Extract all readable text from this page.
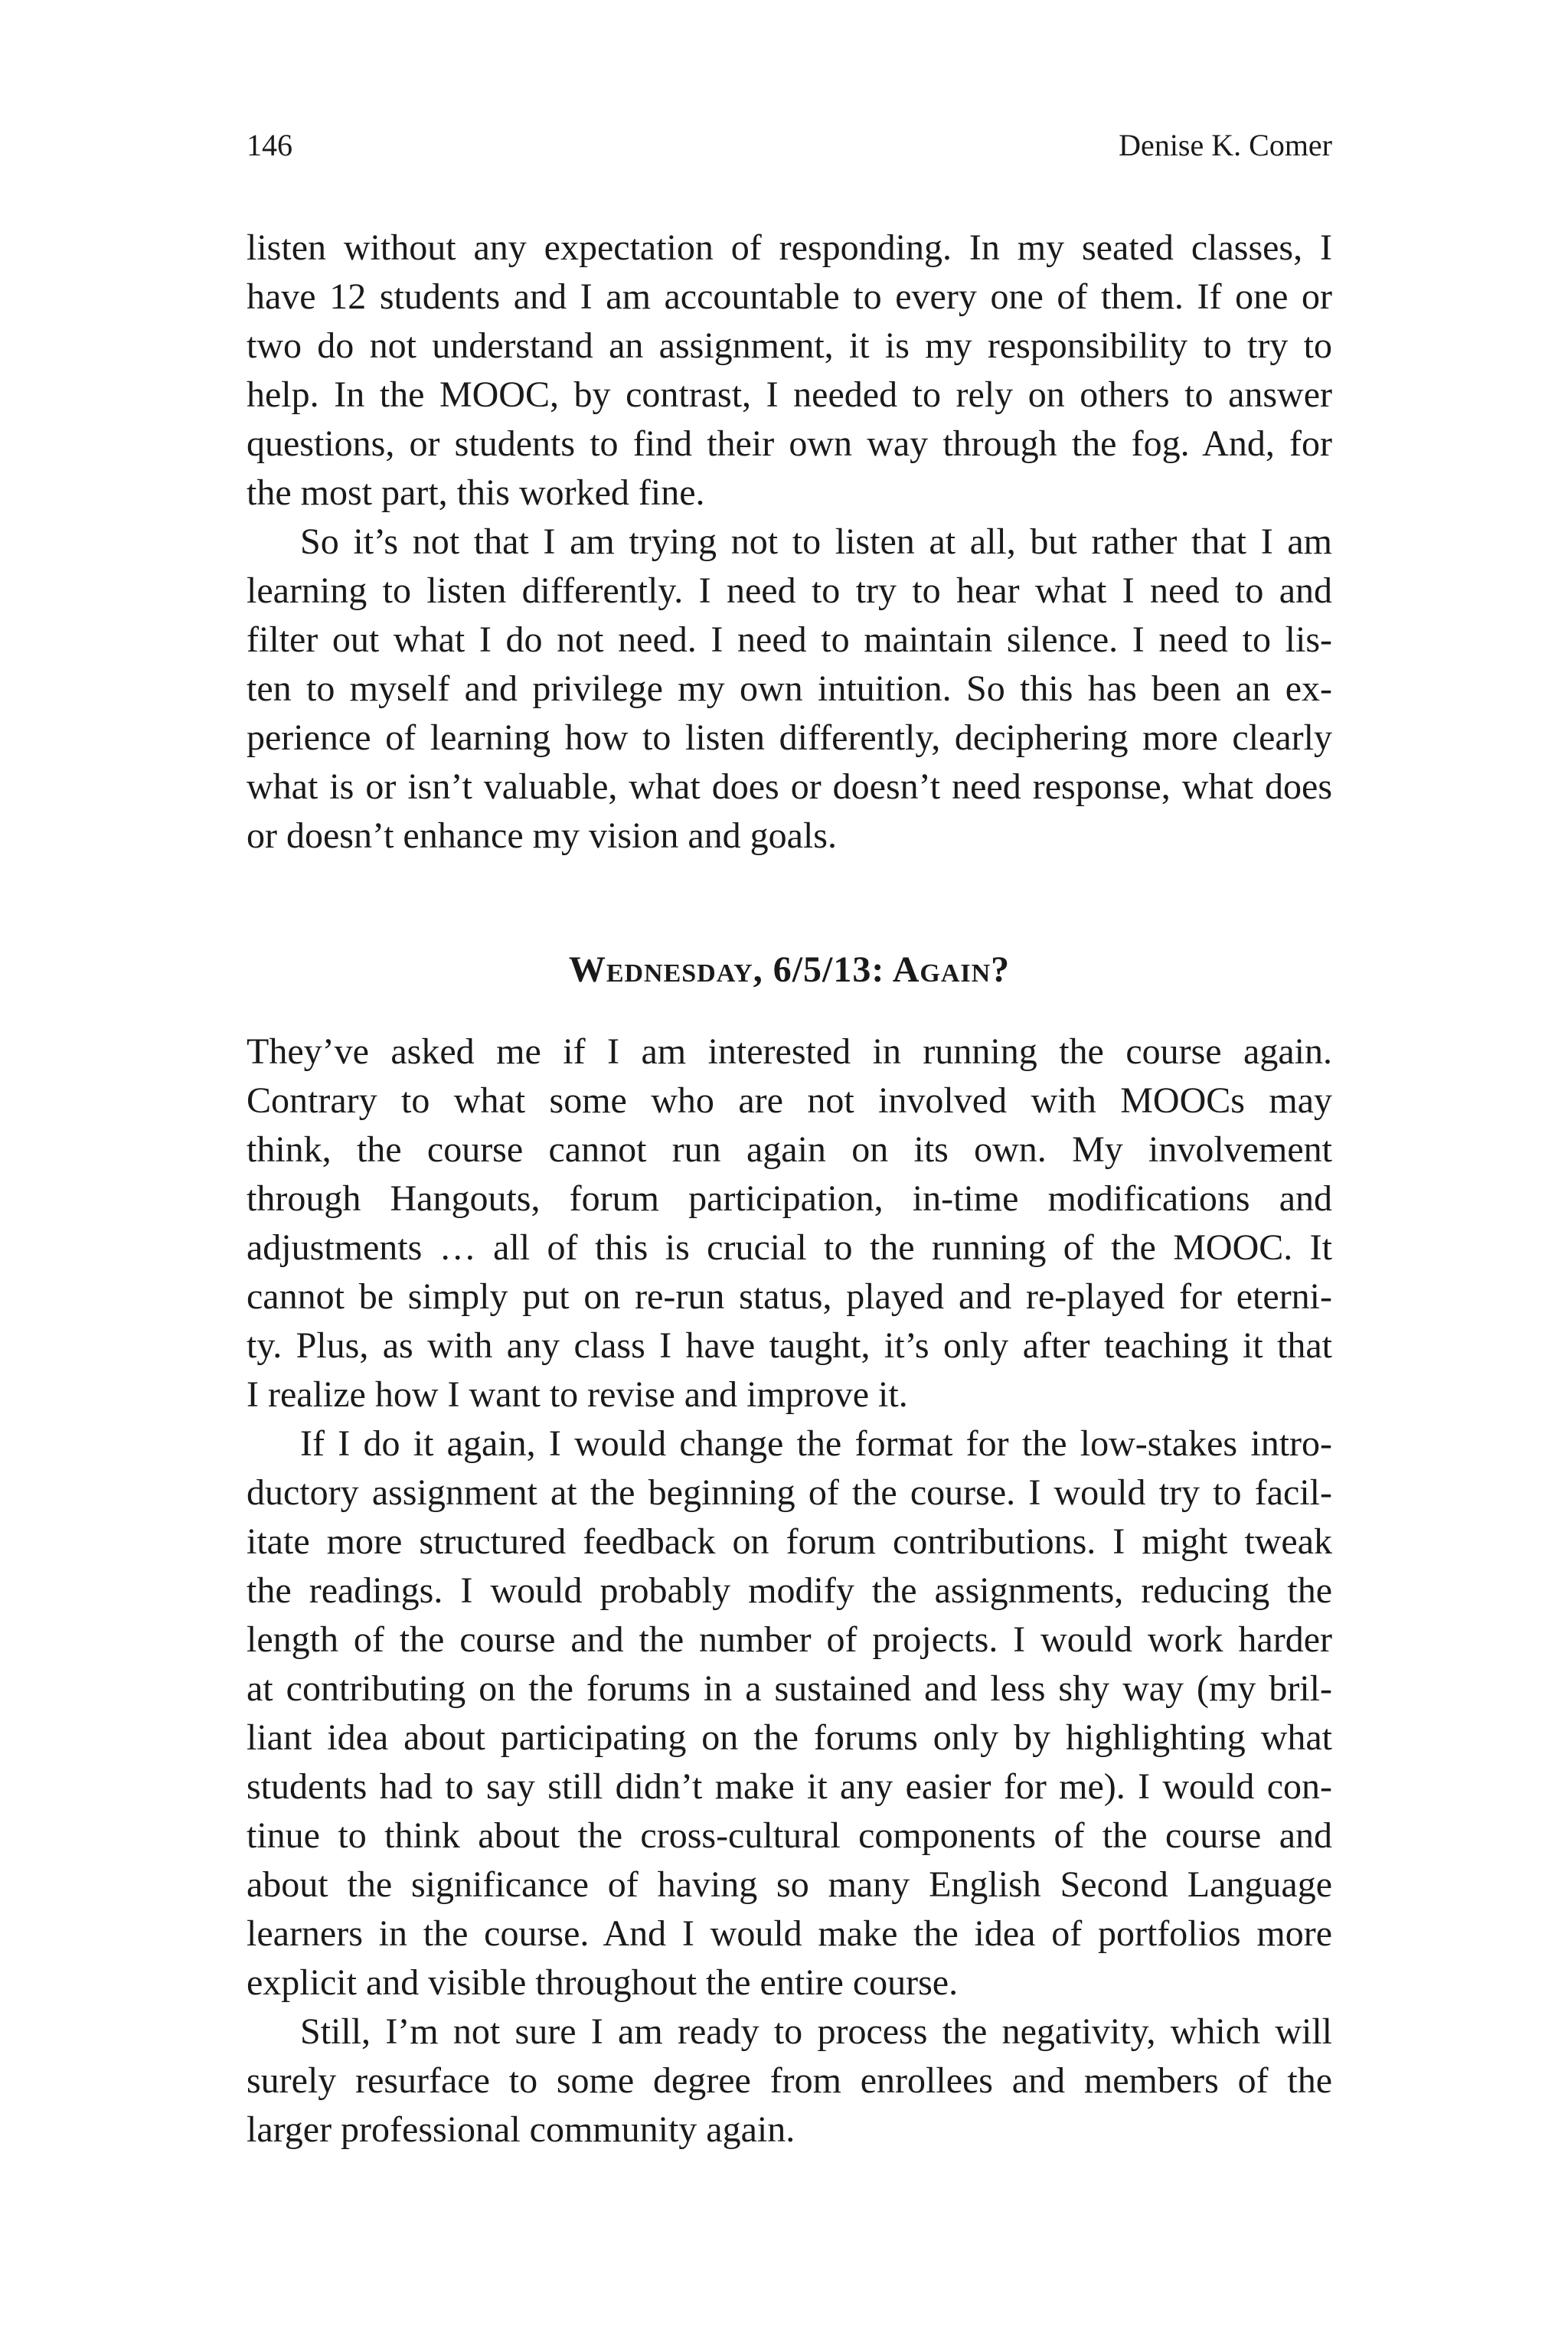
146	Denise K. Comer
listen without any expectation of responding. In my seated classes, I
have 12 students and I am accountable to every one of them. If one or
two do not understand an assignment, it is my responsibility to try to
help. In the MOOC, by contrast, I needed to rely on others to answer
questions, or students to find their own way through the fog. And, for
the most part, this worked fine.
So it’s not that I am trying not to listen at all, but rather that I am
learning to listen differently. I need to try to hear what I need to and
filter out what I do not need. I need to maintain silence. I need to lis-
ten to myself and privilege my own intuition. So this has been an ex-
perience of learning how to listen differently, deciphering more clearly
what is or isn’t valuable, what does or doesn’t need response, what does
or doesn’t enhance my vision and goals.
Wednesday, 6/5/13: Again?
They’ve asked me if I am interested in running the course again.
Contrary to what some who are not involved with MOOCs may
think, the course cannot run again on its own. My involvement
through Hangouts, forum participation, in-time modifications and
adjustments … all of this is crucial to the running of the MOOC. It
cannot be simply put on re-run status, played and re-played for eterni-
ty. Plus, as with any class I have taught, it’s only after teaching it that
I realize how I want to revise and improve it.
If I do it again, I would change the format for the low-stakes intro-
ductory assignment at the beginning of the course. I would try to facil-
itate more structured feedback on forum contributions. I might tweak
the readings. I would probably modify the assignments, reducing the
length of the course and the number of projects. I would work harder
at contributing on the forums in a sustained and less shy way (my bril-
liant idea about participating on the forums only by highlighting what
students had to say still didn’t make it any easier for me). I would con-
tinue to think about the cross-cultural components of the course and
about the significance of having so many English Second Language
learners in the course. And I would make the idea of portfolios more
explicit and visible throughout the entire course.
Still, I’m not sure I am ready to process the negativity, which will
surely resurface to some degree from enrollees and members of the
larger professional community again.
